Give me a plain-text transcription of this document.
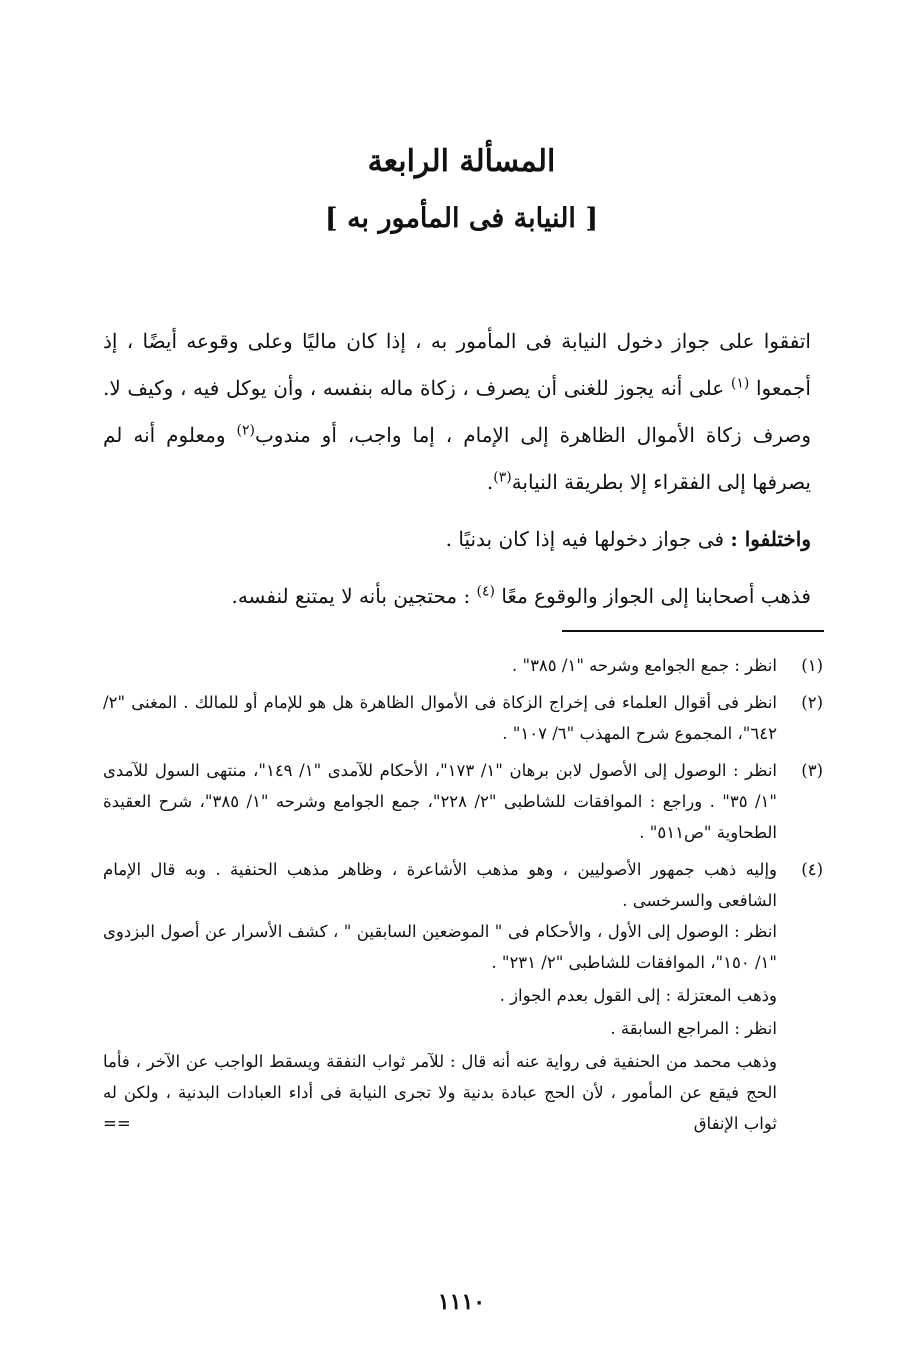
المسألة الرابعة
[ النيابة فى المأمور به ]

اتفقوا على جواز دخول النيابة فى المأمور به ، إذا كان ماليًا وعلى وقوعه أيضًا ، إذ أجمعوا $^{(١)}$ على أنه يجوز للغنى أن يصرف ، زكاة ماله بنفسه ، وأن يوكل فيه ، وكيف لا. وصرف زكاة الأموال الظاهرة إلى الإمام ، إما واجب، أو مندوب$^{(٢)}$ ومعلوم أنه لم يصرفها إلى الفقراء إلا بطريقة النيابة$^{(٣)}$.

واختلفوا : فى جواز دخولها فيه إذا كان بدنيًا .

فذهب أصحابنا إلى الجواز والوقوع معًا $^{(٤)}$ : محتجين بأنه لا يمتنع لنفسه.

(١)
انظر : جمع الجوامع وشرحه "١/ ٣٨٥" .
(٢)
انظر فى أقوال العلماء فى إخراج الزكاة فى الأموال الظاهرة هل هو للإمام أو للمالك . المغنى "٢/ ٦٤٢"، المجموع شرح المهذب "٦/ ١٠٧" .
(٣)
انظر : الوصول إلى الأصول لابن برهان "١/ ١٧٣"، الأحكام للآمدى "١/ ١٤٩"، منتهى السول للآمدى "١/ ٣٥" . وراجع : الموافقات للشاطبى "٢/ ٢٢٨"، جمع الجوامع وشرحه "١/ ٣٨٥"، شرح العقيدة الطحاوية "ص٥١١" .
(٤)
وإليه ذهب جمهور الأصوليين ، وهو مذهب الأشاعرة ، وظاهر مذهب الحنفية . وبه قال الإمام الشافعى والسرخسى .
انظر : الوصول إلى الأول ، والأحكام فى " الموضعين السابقين " ، كشف الأسرار عن أصول البزدوى "١/ ١٥٠"، الموافقات للشاطبى "٢/ ٢٣١" .
وذهب المعتزلة : إلى القول بعدم الجواز .
انظر : المراجع السابقة .
وذهب محمد من الحنفية فى رواية عنه أنه قال : للآمر ثواب النفقة ويسقط الواجب عن الآخر ، فأما الحج فيقع عن المأمور ، لأن الحج عبادة بدنية ولا تجرى النيابة فى أداء العبادات البدنية ، ولكن له ثواب الإنفاق
==
١١١٠
